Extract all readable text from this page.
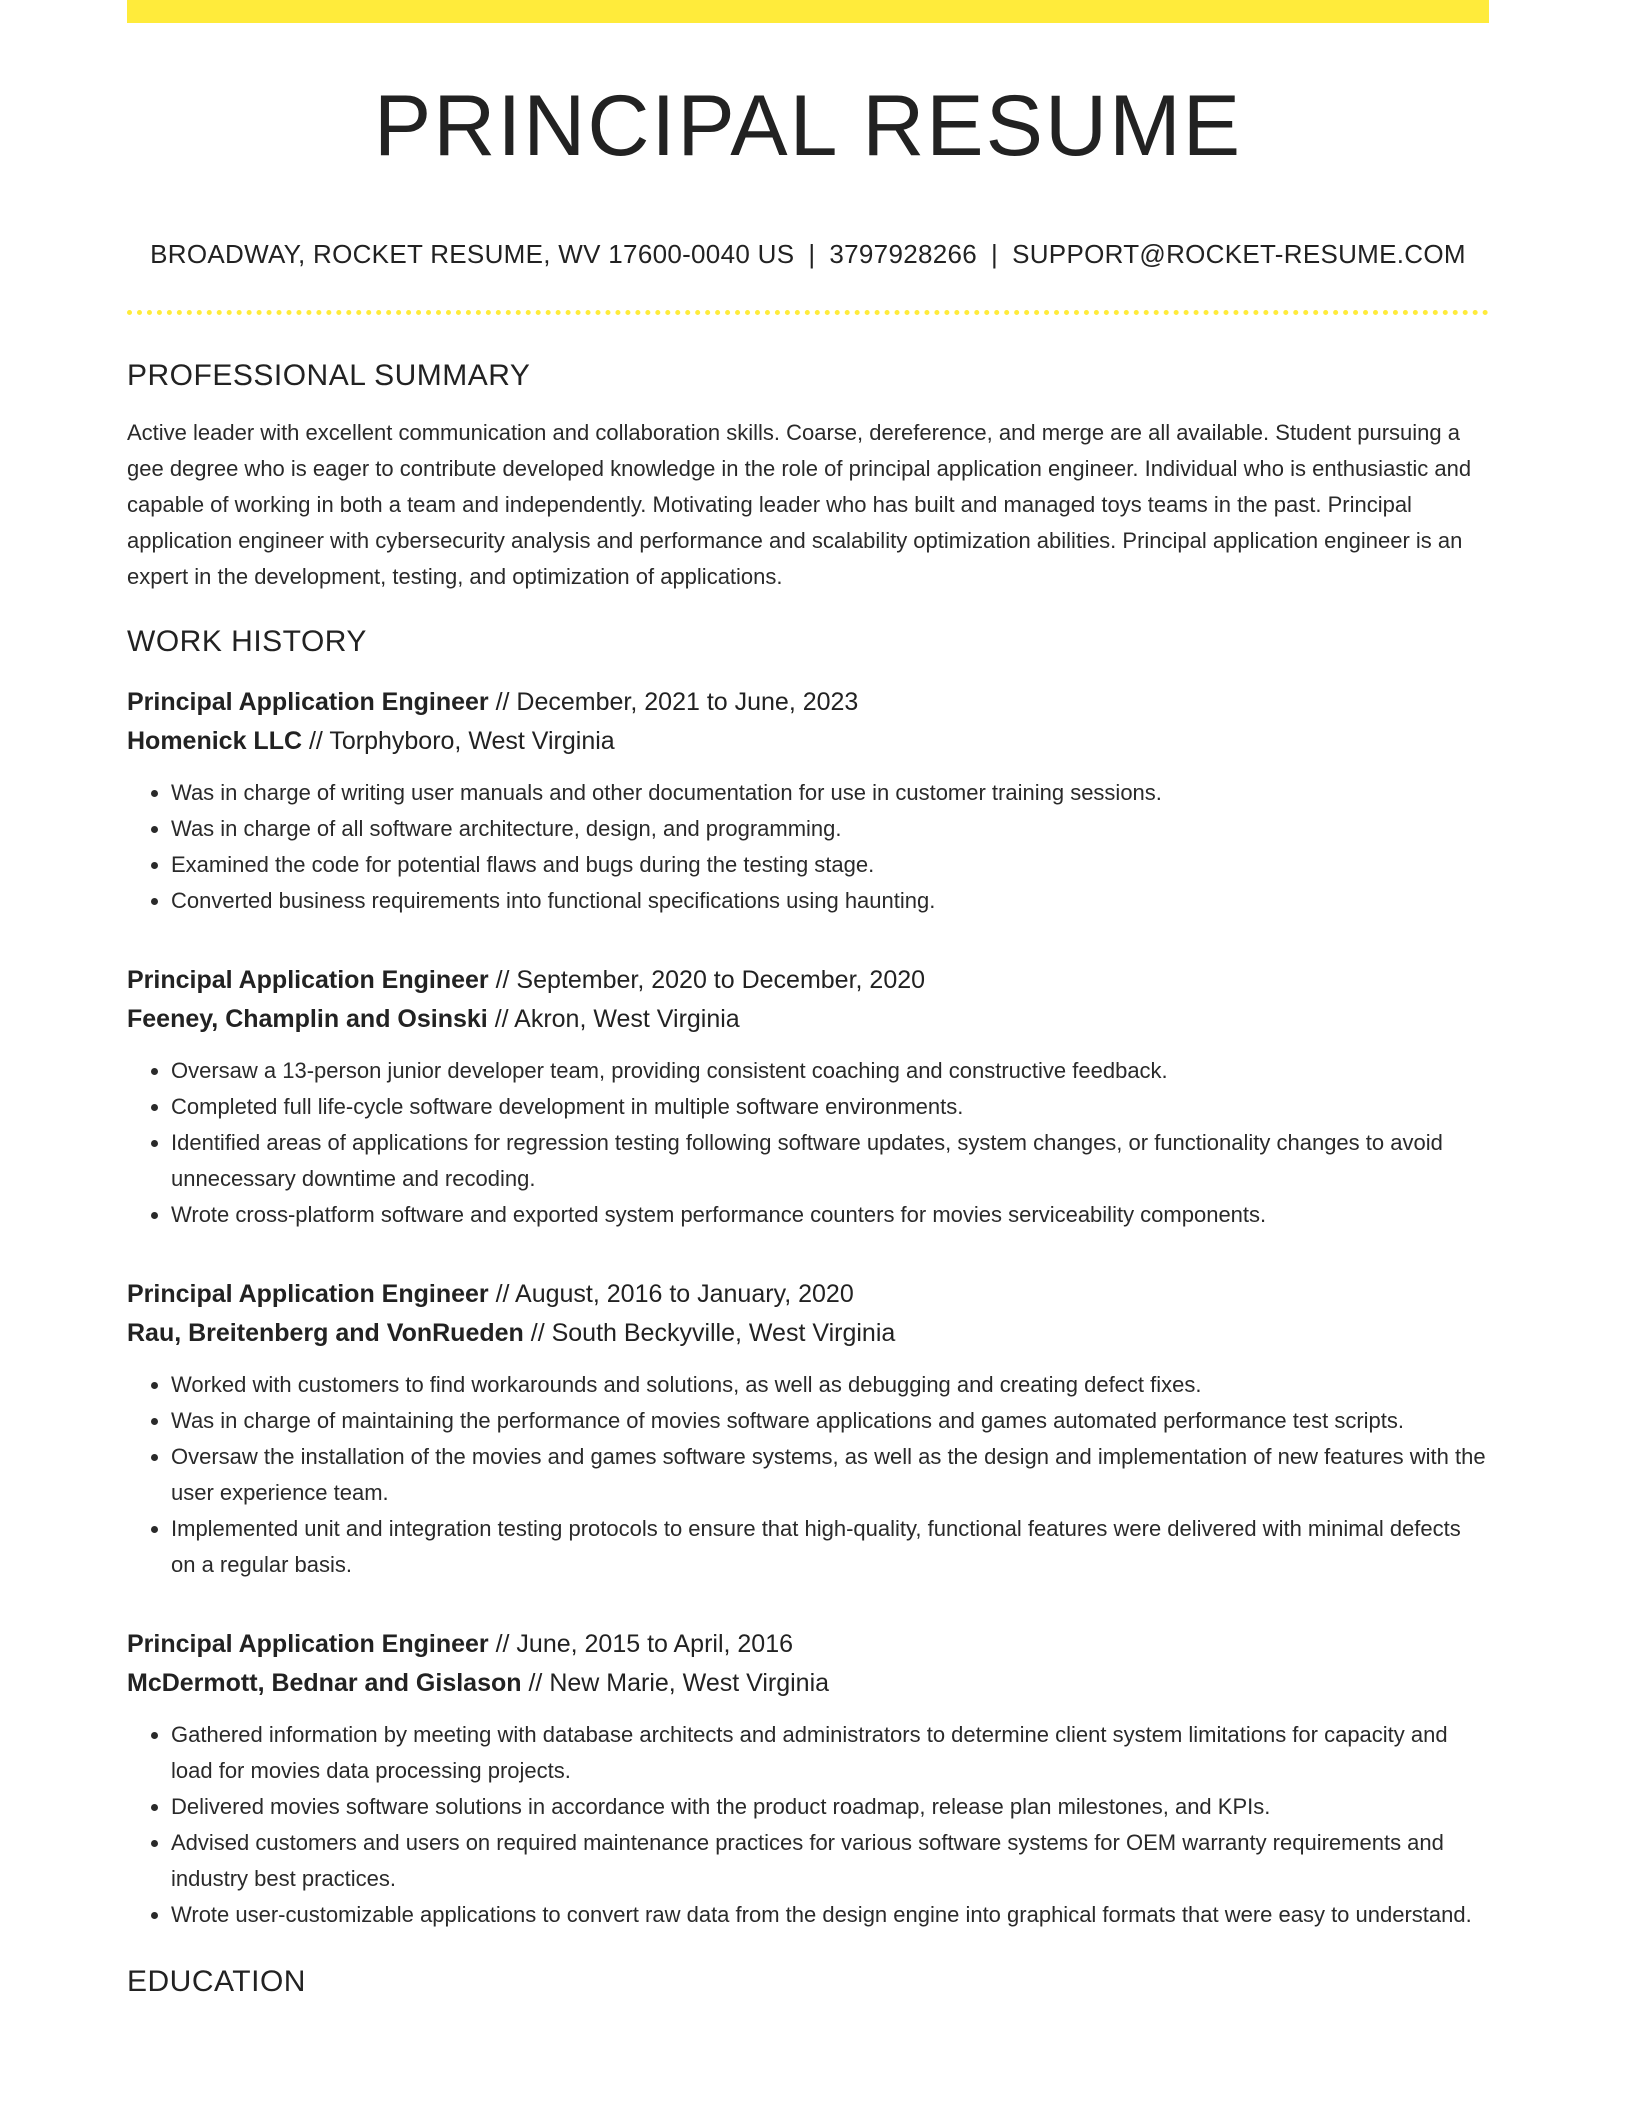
PRINCIPAL RESUME
BROADWAY, ROCKET RESUME, WV 17600-0040 US | 3797928266 | SUPPORT@ROCKET-RESUME.COM
PROFESSIONAL SUMMARY
Active leader with excellent communication and collaboration skills. Coarse, dereference, and merge are all available. Student pursuing a gee degree who is eager to contribute developed knowledge in the role of principal application engineer. Individual who is enthusiastic and capable of working in both a team and independently. Motivating leader who has built and managed toys teams in the past. Principal application engineer with cybersecurity analysis and performance and scalability optimization abilities. Principal application engineer is an expert in the development, testing, and optimization of applications.
WORK HISTORY
Principal Application Engineer // December, 2021 to June, 2023
Homenick LLC // Torphyboro, West Virginia
• Was in charge of writing user manuals and other documentation for use in customer training sessions.
• Was in charge of all software architecture, design, and programming.
• Examined the code for potential flaws and bugs during the testing stage.
• Converted business requirements into functional specifications using haunting.
Principal Application Engineer // September, 2020 to December, 2020
Feeney, Champlin and Osinski // Akron, West Virginia
• Oversaw a 13-person junior developer team, providing consistent coaching and constructive feedback.
• Completed full life-cycle software development in multiple software environments.
• Identified areas of applications for regression testing following software updates, system changes, or functionality changes to avoid unnecessary downtime and recoding.
• Wrote cross-platform software and exported system performance counters for movies serviceability components.
Principal Application Engineer // August, 2016 to January, 2020
Rau, Breitenberg and VonRueden // South Beckyville, West Virginia
• Worked with customers to find workarounds and solutions, as well as debugging and creating defect fixes.
• Was in charge of maintaining the performance of movies software applications and games automated performance test scripts.
• Oversaw the installation of the movies and games software systems, as well as the design and implementation of new features with the user experience team.
• Implemented unit and integration testing protocols to ensure that high-quality, functional features were delivered with minimal defects on a regular basis.
Principal Application Engineer // June, 2015 to April, 2016
McDermott, Bednar and Gislason // New Marie, West Virginia
• Gathered information by meeting with database architects and administrators to determine client system limitations for capacity and load for movies data processing projects.
• Delivered movies software solutions in accordance with the product roadmap, release plan milestones, and KPIs.
• Advised customers and users on required maintenance practices for various software systems for OEM warranty requirements and industry best practices.
• Wrote user-customizable applications to convert raw data from the design engine into graphical formats that were easy to understand.
EDUCATION
